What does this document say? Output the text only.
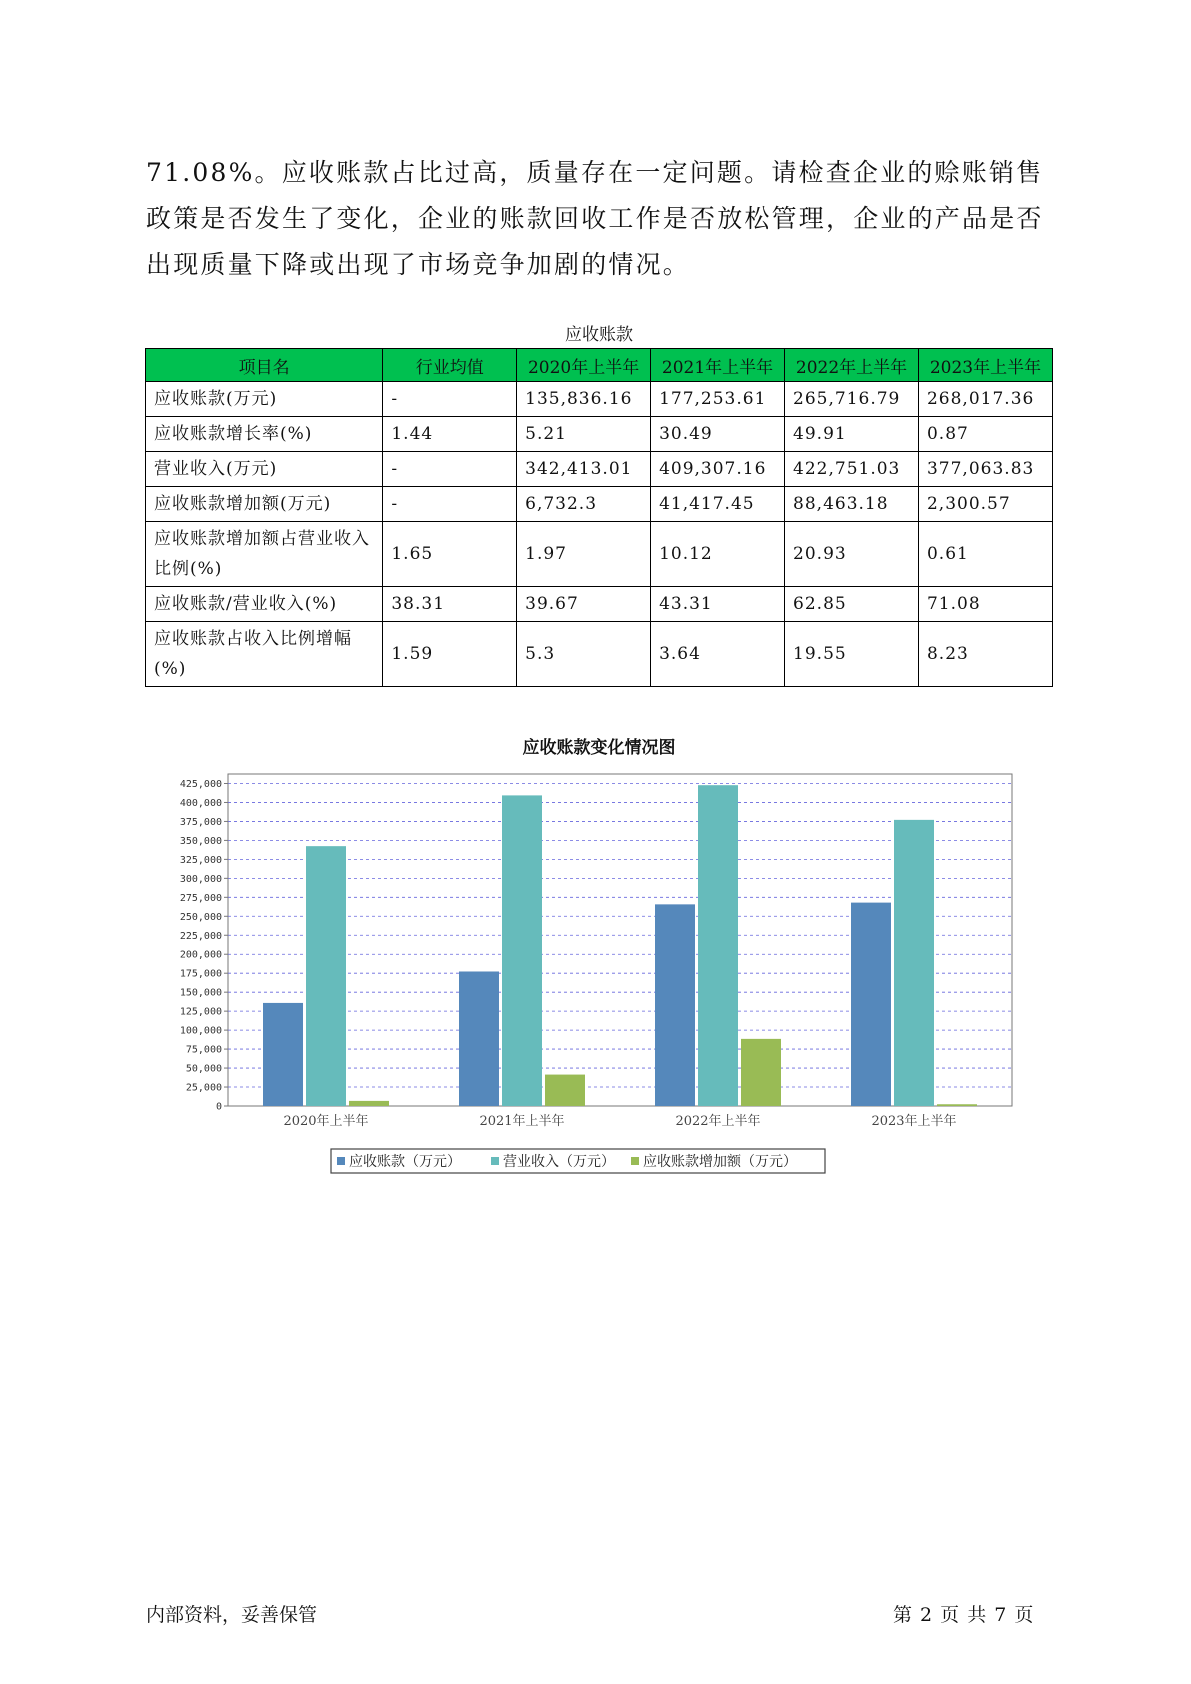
71.08%。应收账款占比过高，质量存在一定问题。请检查企业的赊账销售政策是否发生了变化，企业的账款回收工作是否放松管理，企业的产品是否出现质量下降或出现了市场竞争加剧的情况。
应收账款
项目名	行业均值	2020年上半年	2021年上半年	2022年上半年	2023年上半年
应收账款(万元)	-	135,836.16	177,253.61	265,716.79	268,017.36
应收账款增长率(%)	1.44	5.21	30.49	49.91	0.87
营业收入(万元)	-	342,413.01	409,307.16	422,751.03	377,063.83
应收账款增加额(万元)	-	6,732.3	41,417.45	88,463.18	2,300.57
应收账款增加额占营业收入比例(%)	1.65	1.97	10.12	20.93	0.61
应收账款/营业收入(%)	38.31	39.67	43.31	62.85	71.08
应收账款占收入比例增幅(%)	1.59	5.3	3.64	19.55	8.23
应收账款变化情况图
0
25,000
50,000
75,000
100,000
125,000
150,000
175,000
200,000
225,000
250,000
275,000
300,000
325,000
350,000
375,000
400,000
425,000
2020年上半年	2021年上半年	2022年上半年	2023年上半年
应收账款（万元）	营业收入（万元） 应收账款增加额（万元）
内部资料，妥善保管	第 2 页 共 7 页
